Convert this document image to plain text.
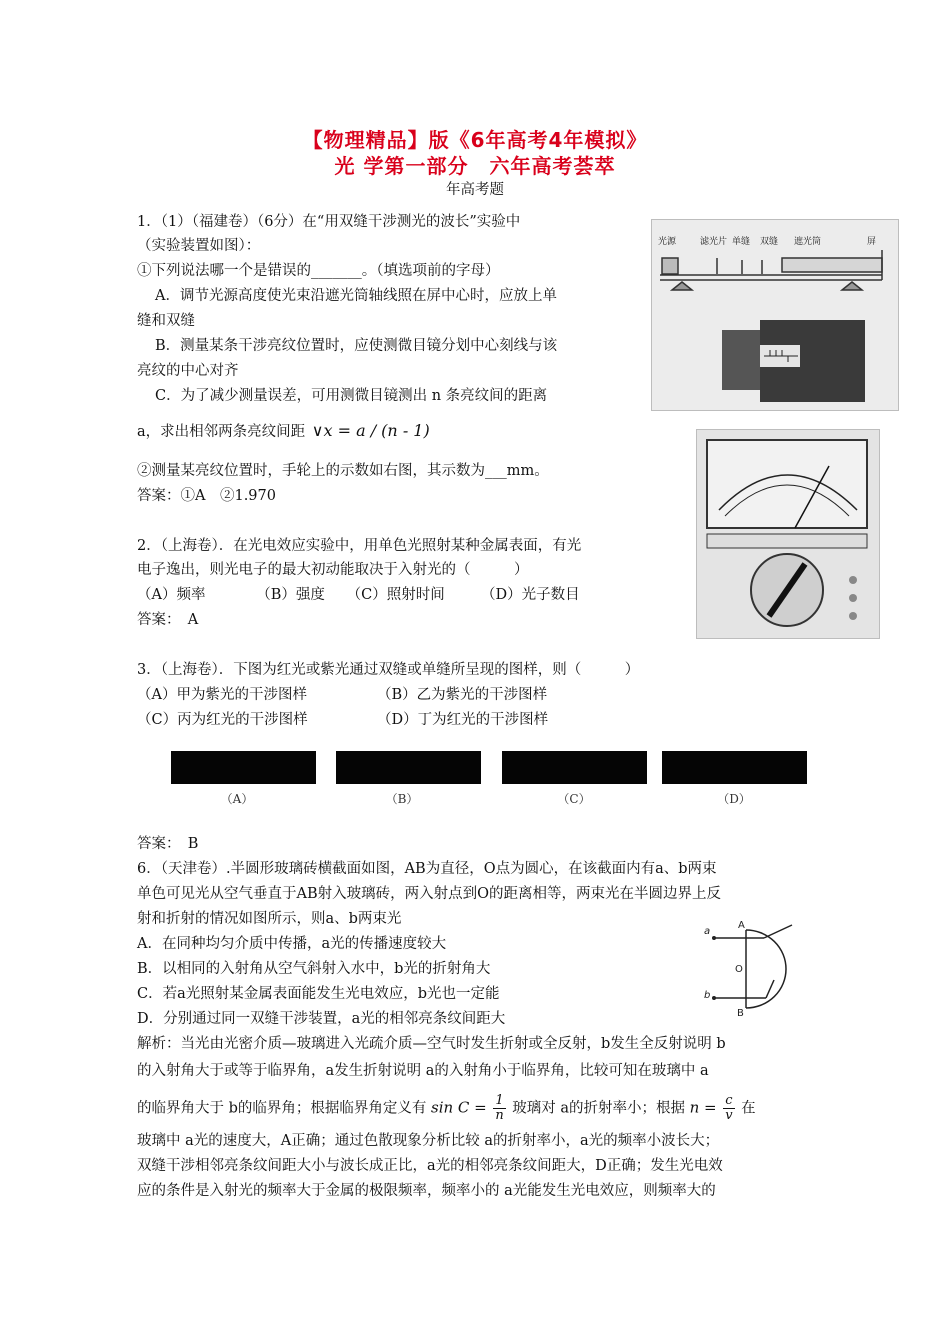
【物理精品】版《6年高考4年模拟》
光 学第一部分　六年高考荟萃
年高考题
1．（1）（福建卷）（6分）在“用双缝干涉测光的波长”实验中
（实验装置如图）：
①下列说法哪一个是错误的_______。（填选项前的字母）
A．调节光源高度使光束沿遮光筒轴线照在屏中心时，应放上单
缝和双缝
B．测量某条干涉亮纹位置时，应使测微目镜分划中心刻线与该
亮纹的中心对齐
C．为了减少测量误差，可用测微目镜测出 n 条亮纹间的距离
a，求出相邻两条亮纹间距 ∨x = a / (n - 1)
②测量某亮纹位置时，手轮上的示数如右图，其示数为___mm。
答案：①A　②1.970
光源	滤光片 单缝 双缝 遮光筒	屏
2．（上海卷）．在光电效应实验中，用单色光照射某种金属表面，有光
电子逸出，则光电子的最大初动能取决于入射光的（　　　）
（A）频率　　　　（B）强度　　（C）照射时间　　　（D）光子数目
答案：　A
3．（上海卷）．下图为红光或紫光通过双缝或单缝所呈现的图样，则（　　　）
（A）甲为紫光的干涉图样	（B）乙为紫光的干涉图样
（C）丙为红光的干涉图样	（D）丁为红光的干涉图样
（A）	（B）	（C）	（D）
答案：　B
6．（天津卷）.半圆形玻璃砖横截面如图，AB为直径，O点为圆心，在该截面内有a、b两束
单色可见光从空气垂直于AB射入玻璃砖，两入射点到O的距离相等，两束光在半圆边界上反
射和折射的情况如图所示，则a、b两束光
A．在同种均匀介质中传播，a光的传播速度较大
B．以相同的入射角从空气斜射入水中，b光的折射角大
C．若a光照射某金属表面能发生光电效应，b光也一定能
D．分别通过同一双缝干涉装置，a光的相邻亮条纹间距大
a
b
A
B
O
解析：当光由光密介质—玻璃进入光疏介质—空气时发生折射或全反射，b发生全反射说明 b
的入射角大于或等于临界角，a发生折射说明 a的入射角小于临界角，比较可知在玻璃中 a
的临界角大于 b的临界角；根据临界角定义有 $\sin C = \frac{1}{n}$ 玻璃对 a的折射率小；根据 $n = \frac{c}{v}$ 在
玻璃中 a光的速度大，A正确；通过色散现象分析比较 a的折射率小，a光的频率小波长大；
双缝干涉相邻亮条纹间距大小与波长成正比，a光的相邻亮条纹间距大，D正确；发生光电效
应的条件是入射光的频率大于金属的极限频率，频率小的 a光能发生光电效应，则频率大的
